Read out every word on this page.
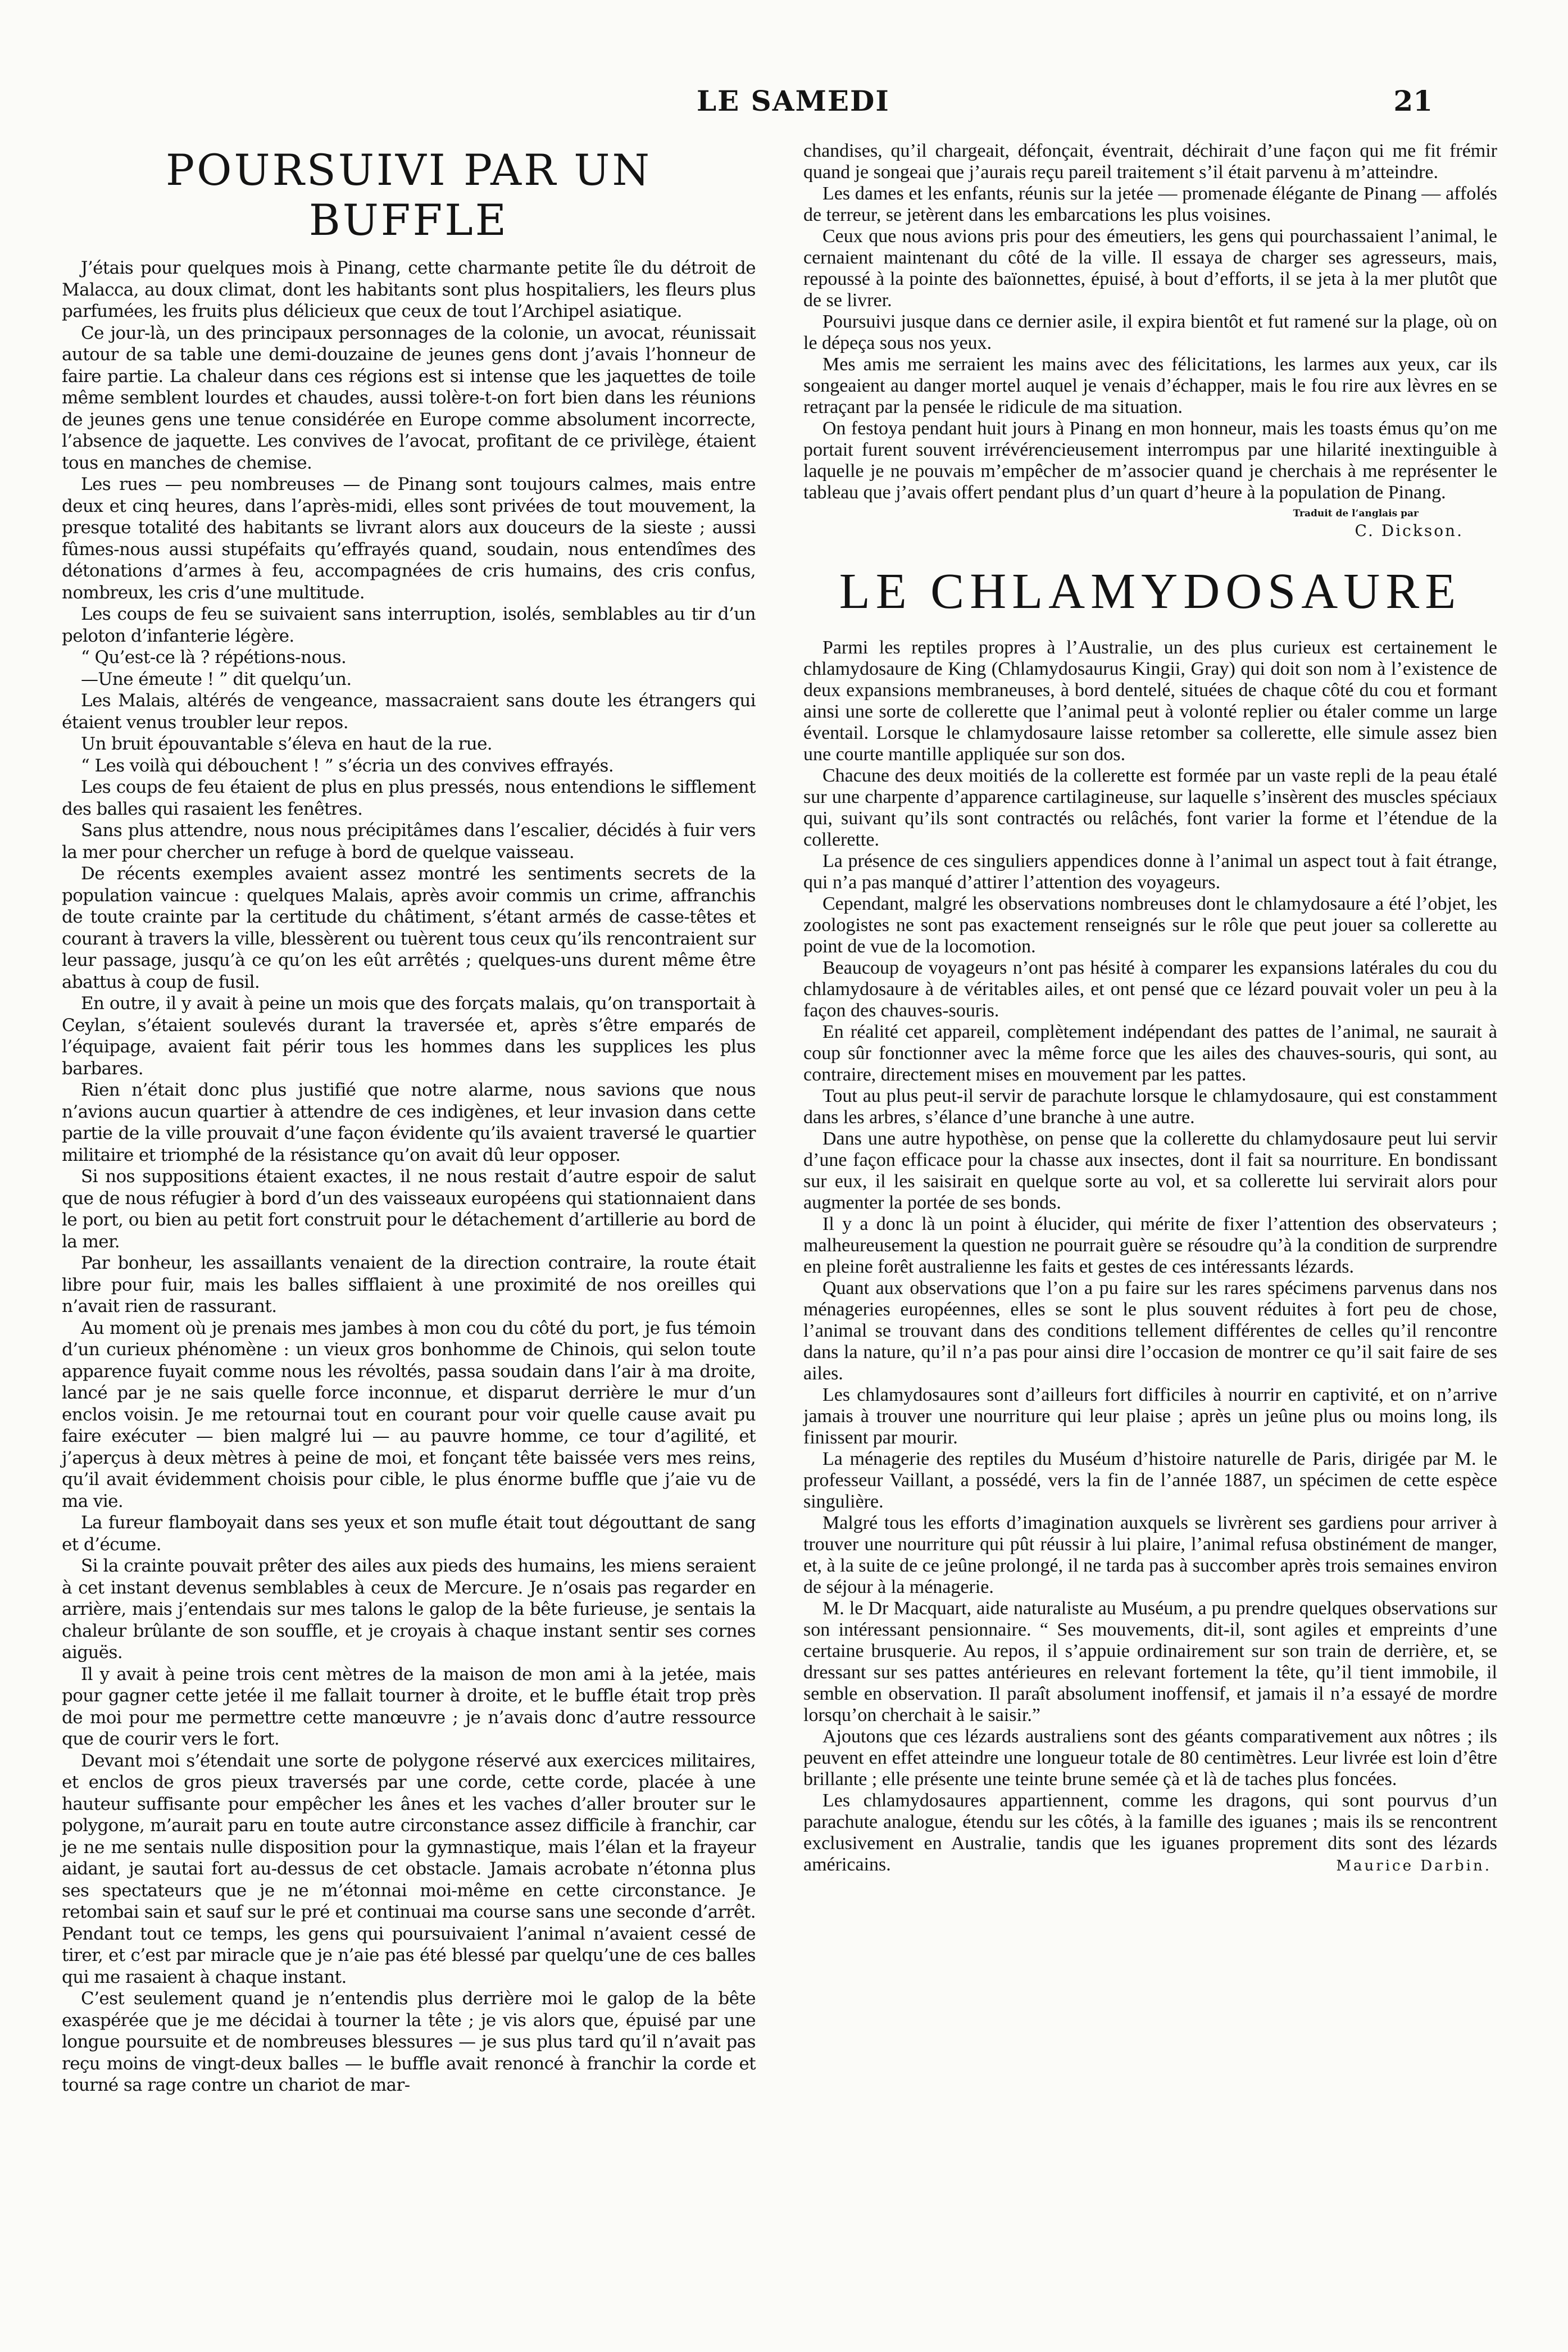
LE SAMEDI	21
POURSUIVI PAR UN BUFFLE

J’étais pour quelques mois à Pinang, cette charmante petite île du détroit de Malacca, au doux climat, dont les habitants sont plus hospitaliers, les fleurs plus parfumées, les fruits plus délicieux que ceux de tout l’Archipel asiatique.

Ce jour-là, un des principaux personnages de la colonie, un avocat, réunissait autour de sa table une demi-douzaine de jeunes gens dont j’avais l’honneur de faire partie. La chaleur dans ces régions est si intense que les jaquettes de toile même semblent lourdes et chaudes, aussi tolère-t-on fort bien dans les réunions de jeunes gens une tenue considérée en Europe comme absolument incorrecte, l’absence de jaquette. Les convives de l’avocat, profitant de ce privilège, étaient tous en manches de chemise.

Les rues — peu nombreuses — de Pinang sont toujours calmes, mais entre deux et cinq heures, dans l’après-midi, elles sont privées de tout mouvement, la presque totalité des habitants se livrant alors aux douceurs de la sieste ; aussi fûmes-nous aussi stupéfaits qu’effrayés quand, soudain, nous entendîmes des détonations d’armes à feu, accompagnées de cris humains, des cris confus, nombreux, les cris d’une multitude.

Les coups de feu se suivaient sans interruption, isolés, semblables au tir d’un peloton d’infanterie légère.

“ Qu’est-ce là ? répétions-nous.

—Une émeute ! ” dit quelqu’un.

Les Malais, altérés de vengeance, massacraient sans doute les étrangers qui étaient venus troubler leur repos.

Un bruit épouvantable s’éleva en haut de la rue.

“ Les voilà qui débouchent ! ” s’écria un des convives effrayés.

Les coups de feu étaient de plus en plus pressés, nous entendions le sifflement des balles qui rasaient les fenêtres.

Sans plus attendre, nous nous précipitâmes dans l’escalier, décidés à fuir vers la mer pour chercher un refuge à bord de quelque vaisseau.

De récents exemples avaient assez montré les sentiments secrets de la population vaincue : quelques Malais, après avoir commis un crime, affranchis de toute crainte par la certitude du châtiment, s’étant armés de casse-têtes et courant à travers la ville, blessèrent ou tuèrent tous ceux qu’ils rencontraient sur leur passage, jusqu’à ce qu’on les eût arrêtés ; quelques-uns durent même être abattus à coup de fusil.

En outre, il y avait à peine un mois que des forçats malais, qu’on transportait à Ceylan, s’étaient soulevés durant la traversée et, après s’être emparés de l’équipage, avaient fait périr tous les hommes dans les supplices les plus barbares.

Rien n’était donc plus justifié que notre alarme, nous savions que nous n’avions aucun quartier à attendre de ces indigènes, et leur invasion dans cette partie de la ville prouvait d’une façon évidente qu’ils avaient traversé le quartier militaire et triomphé de la résistance qu’on avait dû leur opposer.

Si nos suppositions étaient exactes, il ne nous restait d’autre espoir de salut que de nous réfugier à bord d’un des vaisseaux européens qui stationnaient dans le port, ou bien au petit fort construit pour le détachement d’artillerie au bord de la mer.

Par bonheur, les assaillants venaient de la direction contraire, la route était libre pour fuir, mais les balles sifflaient à une proximité de nos oreilles qui n’avait rien de rassurant.

Au moment où je prenais mes jambes à mon cou du côté du port, je fus témoin d’un curieux phénomène : un vieux gros bonhomme de Chinois, qui selon toute apparence fuyait comme nous les révoltés, passa soudain dans l’air à ma droite, lancé par je ne sais quelle force inconnue, et disparut derrière le mur d’un enclos voisin. Je me retournai tout en courant pour voir quelle cause avait pu faire exécuter — bien malgré lui — au pauvre homme, ce tour d’agilité, et j’aperçus à deux mètres à peine de moi, et fonçant tête baissée vers mes reins, qu’il avait évidemment choisis pour cible, le plus énorme buffle que j’aie vu de ma vie.

La fureur flamboyait dans ses yeux et son mufle était tout dégouttant de sang et d’écume.

Si la crainte pouvait prêter des ailes aux pieds des humains, les miens seraient à cet instant devenus semblables à ceux de Mercure. Je n’osais pas regarder en arrière, mais j’entendais sur mes talons le galop de la bête furieuse, je sentais la chaleur brûlante de son souffle, et je croyais à chaque instant sentir ses cornes aiguës.

Il y avait à peine trois cent mètres de la maison de mon ami à la jetée, mais pour gagner cette jetée il me fallait tourner à droite, et le buffle était trop près de moi pour me permettre cette manœuvre ; je n’avais donc d’autre ressource que de courir vers le fort.

Devant moi s’étendait une sorte de polygone réservé aux exercices militaires, et enclos de gros pieux traversés par une corde, cette corde, placée à une hauteur suffisante pour empêcher les ânes et les vaches d’aller brouter sur le polygone, m’aurait paru en toute autre circonstance assez difficile à franchir, car je ne me sentais nulle disposition pour la gymnastique, mais l’élan et la frayeur aidant, je sautai fort au-dessus de cet obstacle. Jamais acrobate n’étonna plus ses spectateurs que je ne m’étonnai moi-même en cette circonstance. Je retombai sain et sauf sur le pré et continuai ma course sans une seconde d’arrêt. Pendant tout ce temps, les gens qui poursuivaient l’animal n’avaient cessé de tirer, et c’est par miracle que je n’aie pas été blessé par quelqu’une de ces balles qui me rasaient à chaque instant.

C’est seulement quand je n’entendis plus derrière moi le galop de la bête exaspérée que je me décidai à tourner la tête ; je vis alors que, épuisé par une longue poursuite et de nombreuses blessures — je sus plus tard qu’il n’avait pas reçu moins de vingt-deux balles — le buffle avait renoncé à franchir la corde et tourné sa rage contre un chariot de mar-

chandises, qu’il chargeait, défonçait, éventrait, déchirait d’une façon qui me fit frémir quand je songeai que j’aurais reçu pareil traitement s’il était parvenu à m’atteindre.

Les dames et les enfants, réunis sur la jetée — promenade élégante de Pinang — affolés de terreur, se jetèrent dans les embarcations les plus voisines.

Ceux que nous avions pris pour des émeutiers, les gens qui pourchassaient l’animal, le cernaient maintenant du côté de la ville. Il essaya de charger ses agresseurs, mais, repoussé à la pointe des baïonnettes, épuisé, à bout d’efforts, il se jeta à la mer plutôt que de se livrer.

Poursuivi jusque dans ce dernier asile, il expira bientôt et fut ramené sur la plage, où on le dépeça sous nos yeux.

Mes amis me serraient les mains avec des félicitations, les larmes aux yeux, car ils songeaient au danger mortel auquel je venais d’échapper, mais le fou rire aux lèvres en se retraçant par la pensée le ridicule de ma situation.

On festoya pendant huit jours à Pinang en mon honneur, mais les toasts émus qu’on me portait furent souvent irrévérencieusement interrompus par une hilarité inextinguible à laquelle je ne pouvais m’empêcher de m’associer quand je cherchais à me représenter le tableau que j’avais offert pendant plus d’un quart d’heure à la population de Pinang.

Traduit de l’anglais par
C. Dickson.
LE CHLAMYDOSAURE

Parmi les reptiles propres à l’Australie, un des plus curieux est certainement le chlamydosaure de King (Chlamydosaurus Kingii, Gray) qui doit son nom à l’existence de deux expansions membraneuses, à bord dentelé, situées de chaque côté du cou et formant ainsi une sorte de collerette que l’animal peut à volonté replier ou étaler comme un large éventail. Lorsque le chlamydosaure laisse retomber sa collerette, elle simule assez bien une courte mantille appliquée sur son dos.

Chacune des deux moitiés de la collerette est formée par un vaste repli de la peau étalé sur une charpente d’apparence cartilagineuse, sur laquelle s’insèrent des muscles spéciaux qui, suivant qu’ils sont contractés ou relâchés, font varier la forme et l’étendue de la collerette.

La présence de ces singuliers appendices donne à l’animal un aspect tout à fait étrange, qui n’a pas manqué d’attirer l’attention des voyageurs.

Cependant, malgré les observations nombreuses dont le chlamydosaure a été l’objet, les zoologistes ne sont pas exactement renseignés sur le rôle que peut jouer sa collerette au point de vue de la locomotion.

Beaucoup de voyageurs n’ont pas hésité à comparer les expansions latérales du cou du chlamydosaure à de véritables ailes, et ont pensé que ce lézard pouvait voler un peu à la façon des chauves-souris.

En réalité cet appareil, complètement indépendant des pattes de l’animal, ne saurait à coup sûr fonctionner avec la même force que les ailes des chauves-souris, qui sont, au contraire, directement mises en mouvement par les pattes.

Tout au plus peut-il servir de parachute lorsque le chlamydosaure, qui est constamment dans les arbres, s’élance d’une branche à une autre.

Dans une autre hypothèse, on pense que la collerette du chlamydosaure peut lui servir d’une façon efficace pour la chasse aux insectes, dont il fait sa nourriture. En bondissant sur eux, il les saisirait en quelque sorte au vol, et sa collerette lui servirait alors pour augmenter la portée de ses bonds.

Il y a donc là un point à élucider, qui mérite de fixer l’attention des observateurs ; malheureusement la question ne pourrait guère se résoudre qu’à la condition de surprendre en pleine forêt australienne les faits et gestes de ces intéressants lézards.

Quant aux observations que l’on a pu faire sur les rares spécimens parvenus dans nos ménageries européennes, elles se sont le plus souvent réduites à fort peu de chose, l’animal se trouvant dans des conditions tellement différentes de celles qu’il rencontre dans la nature, qu’il n’a pas pour ainsi dire l’occasion de montrer ce qu’il sait faire de ses ailes.

Les chlamydosaures sont d’ailleurs fort difficiles à nourrir en captivité, et on n’arrive jamais à trouver une nourriture qui leur plaise ; après un jeûne plus ou moins long, ils finissent par mourir.

La ménagerie des reptiles du Muséum d’histoire naturelle de Paris, dirigée par M. le professeur Vaillant, a possédé, vers la fin de l’année 1887, un spécimen de cette espèce singulière.

Malgré tous les efforts d’imagination auxquels se livrèrent ses gardiens pour arriver à trouver une nourriture qui pût réussir à lui plaire, l’animal refusa obstinément de manger, et, à la suite de ce jeûne prolongé, il ne tarda pas à succomber après trois semaines environ de séjour à la ménagerie.

M. le Dr Macquart, aide naturaliste au Muséum, a pu prendre quelques observations sur son intéressant pensionnaire. “ Ses mouvements, dit-il, sont agiles et empreints d’une certaine brusquerie. Au repos, il s’appuie ordinairement sur son train de derrière, et, se dressant sur ses pattes antérieures en relevant fortement la tête, qu’il tient immobile, il semble en observation. Il paraît absolument inoffensif, et jamais il n’a essayé de mordre lorsqu’on cherchait à le saisir.”

Ajoutons que ces lézards australiens sont des géants comparativement aux nôtres ; ils peuvent en effet atteindre une longueur totale de 80 centimètres. Leur livrée est loin d’être brillante ; elle présente une teinte brune semée çà et là de taches plus foncées.

Les chlamydosaures appartiennent, comme les dragons, qui sont pourvus d’un parachute analogue, étendu sur les côtés, à la famille des iguanes ; mais ils se rencontrent exclusivement en Australie, tandis que les iguanes proprement dits sont des lézards américains.	Maurice Darbin.
